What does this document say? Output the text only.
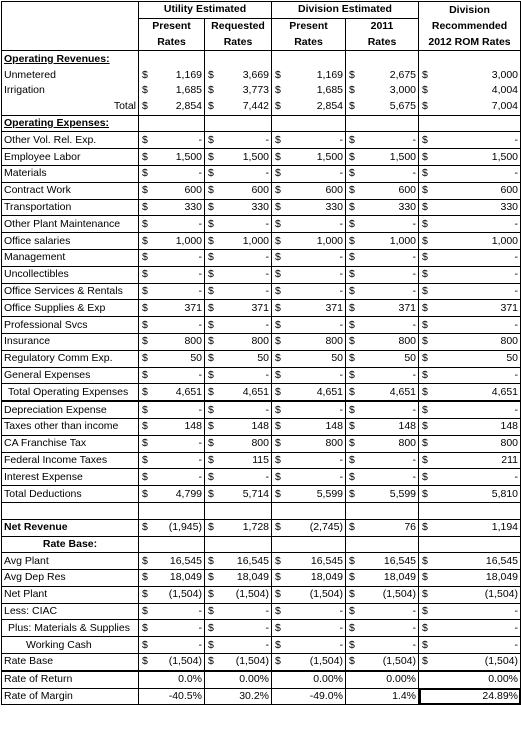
	Utility Estimated		Division Estimated		Division
	Present	Requested	Present	2011	Recommended
	Rates	Rates	Rates	Rates	2012 ROM Rates
Operating Revenues:					
Unmetered	$ 1,169	$ 3,669	$ 1,169	$ 2,675	$ 3,000

Irrigation	$ 1,685	$ 3,773	$ 1,685	$ 3,000	$ 4,004

Total	$ 2,854	$ 7,442	$ 2,854	$ 5,675	$ 7,004

Operating Expenses:					
Other Vol. Rel. Exp.	$ -	$ -	$ -	$ -	$ -

Employee Labor	$ 1,500	$ 1,500	$ 1,500	$ 1,500	$ 1,500

Materials	$ -	$ -	$ -	$ -	$ -

Contract Work	$ 600	$ 600	$ 600	$ 600	$ 600

Transportation	$ 330	$ 330	$ 330	$ 330	$ 330

Other Plant Maintenance	$ -	$ -	$ -	$ -	$ -

Office salaries	$ 1,000	$ 1,000	$ 1,000	$ 1,000	$ 1,000

Management	$ -	$ -	$ -	$ -	$ -

Uncollectibles	$ -	$ -	$ -	$ -	$ -

Office Services & Rentals	$ -	$ -	$ -	$ -	$ -

Office Supplies & Exp	$ 371	$ 371	$ 371	$ 371	$ 371

Professional Svcs	$ -	$ -	$ -	$ -	$ -

Insurance	$ 800	$ 800	$ 800	$ 800	$ 800

Regulatory Comm Exp.	$ 50	$ 50	$ 50	$ 50	$ 50

General Expenses	$ -	$ -	$ -	$ -	$ -

Total Operating Expenses	$ 4,651	$ 4,651	$ 4,651	$ 4,651	$ 4,651

Depreciation Expense	$ -	$ -	$ -	$ -	$ -

Taxes other than income	$ 148	$ 148	$ 148	$ 148	$ 148

CA Franchise Tax	$ -	$ 800	$ 800	$ 800	$ 800

Federal Income Taxes	$ -	$ 115	$ -	$ -	$ 211

Interest Expense	$ -	$ -	$ -	$ -	$ -

Total Deductions	$ 4,799	$ 5,714	$ 5,599	$ 5,599	$ 5,810

Net Revenue	$ (1,945)	$ 1,728	$ (2,745)	$ 76	$ 1,194

Rate Base:					
Avg Plant	$ 16,545	$ 16,545	$ 16,545	$ 16,545	$ 16,545

Avg Dep Res	$ 18,049	$ 18,049	$ 18,049	$ 18,049	$ 18,049

Net Plant	$ (1,504)	$ (1,504)	$ (1,504)	$ (1,504)	$ (1,504)

Less: CIAC	$ -	$ -	$ -	$ -	$ -

Plus: Materials & Supplies	$ -	$ -	$ -	$ -	$ -

Working Cash	$ -	$ -	$ -	$ -	$ -

Rate Base	$ (1,504)	$ (1,504)	$ (1,504)	$ (1,504)	$ (1,504)

Rate of Return	0.0%	0.00%	0.00%	0.00%	0.00%
Rate of Margin	-40.5%	30.2%	-49.0%	1.4%	24.89%
